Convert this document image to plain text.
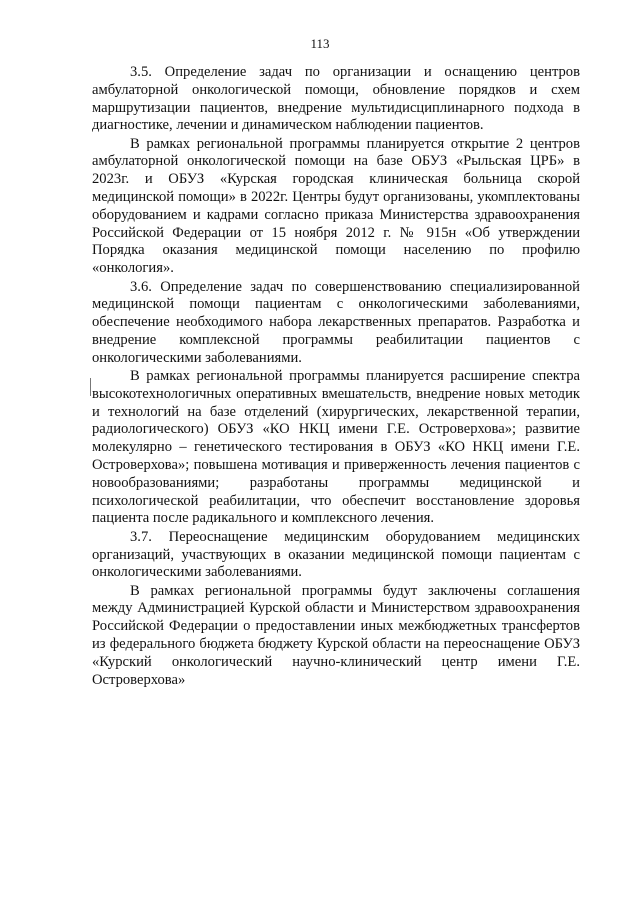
113

3.5. Определение задач по организации и оснащению центров амбулаторной онкологической помощи, обновление порядков и схем маршрутизации пациентов, внедрение мультидисциплинарного подхода в диагностике, лечении и динамическом наблюдении пациентов.

В рамках региональной программы планируется открытие 2 центров амбулаторной онкологической помощи на базе ОБУЗ «Рыльская ЦРБ» в 2023г. и ОБУЗ «Курская городская клиническая больница скорой медицинской помощи» в 2022г. Центры будут организованы, укомплектованы оборудованием и кадрами согласно приказа Министерства здравоохранения Российской Федерации от 15 ноября 2012 г. № 915н «Об утверждении Порядка оказания медицинской помощи населению по профилю «онкология».

3.6. Определение задач по совершенствованию специализированной медицинской помощи пациентам с онкологическими заболеваниями, обеспечение необходимого набора лекарственных препаратов. Разработка и внедрение комплексной программы реабилитации пациентов с онкологическими заболеваниями.

В рамках региональной программы планируется расширение спектра высокотехнологичных оперативных вмешательств, внедрение новых методик и технологий на базе отделений (хирургических, лекарственной терапии, радиологического) ОБУЗ «КО НКЦ имени Г.Е. Островерхова»; развитие молекулярно – генетического тестирования в ОБУЗ «КО НКЦ имени Г.Е. Островерхова»; повышена мотивация и приверженность лечения пациентов с новообразованиями; разработаны программы медицинской и психологической реабилитации, что обеспечит восстановление здоровья пациента после радикального и комплексного лечения.

3.7. Переоснащение медицинским оборудованием медицинских организаций, участвующих в оказании медицинской помощи пациентам с онкологическими заболеваниями.

В рамках региональной программы будут заключены соглашения между Администрацией Курской области и Министерством здравоохранения Российской Федерации о предоставлении иных межбюджетных трансфертов из федерального бюджета бюджету Курской области на переоснащение ОБУЗ «Курский онкологический научно-клинический центр имени Г.Е. Островерхова»
